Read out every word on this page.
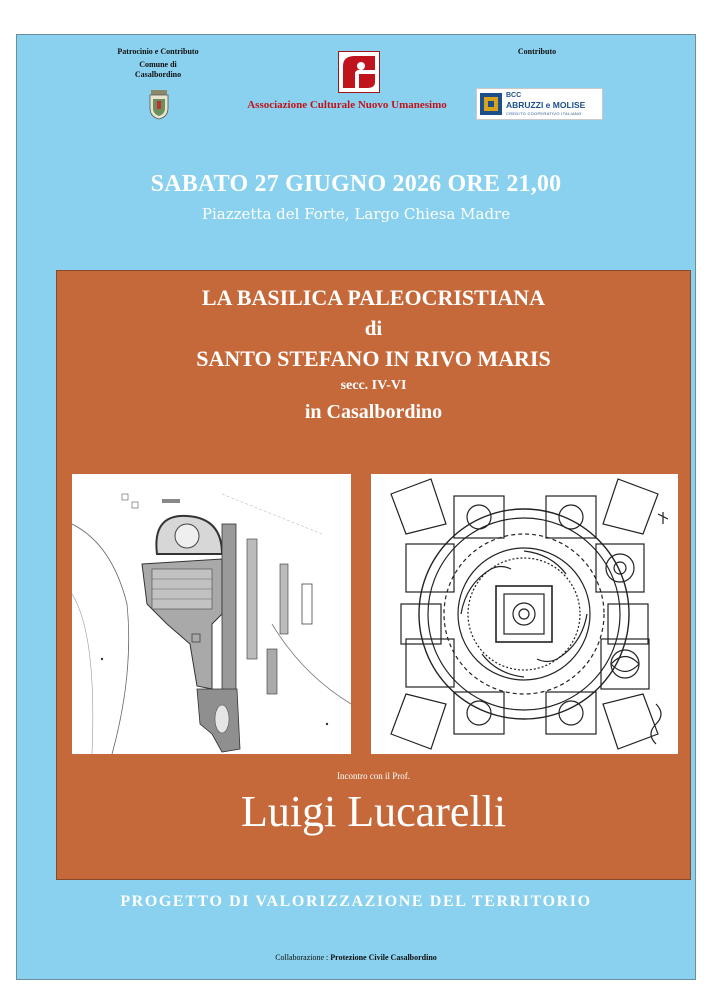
Patrocinio e Contributo
Comune di
Casalbordino
Associazione Culturale Nuovo Umanesimo
Contributo
BCC
ABRUZZI e MOLISE
CREDITO COOPERATIVO ITALIANO
SABATO 27 GIUGNO 2026 ORE 21,00
Piazzetta del Forte, Largo Chiesa Madre
LA BASILICA PALEOCRISTIANA
di
SANTO STEFANO IN RIVO MARIS
secc. IV-VI
in Casalbordino
Incontro con il Prof.
Luigi Lucarelli
PROGETTO DI VALORIZZAZIONE DEL TERRITORIO
Collaborazione : Protezione Civile Casalbordino
